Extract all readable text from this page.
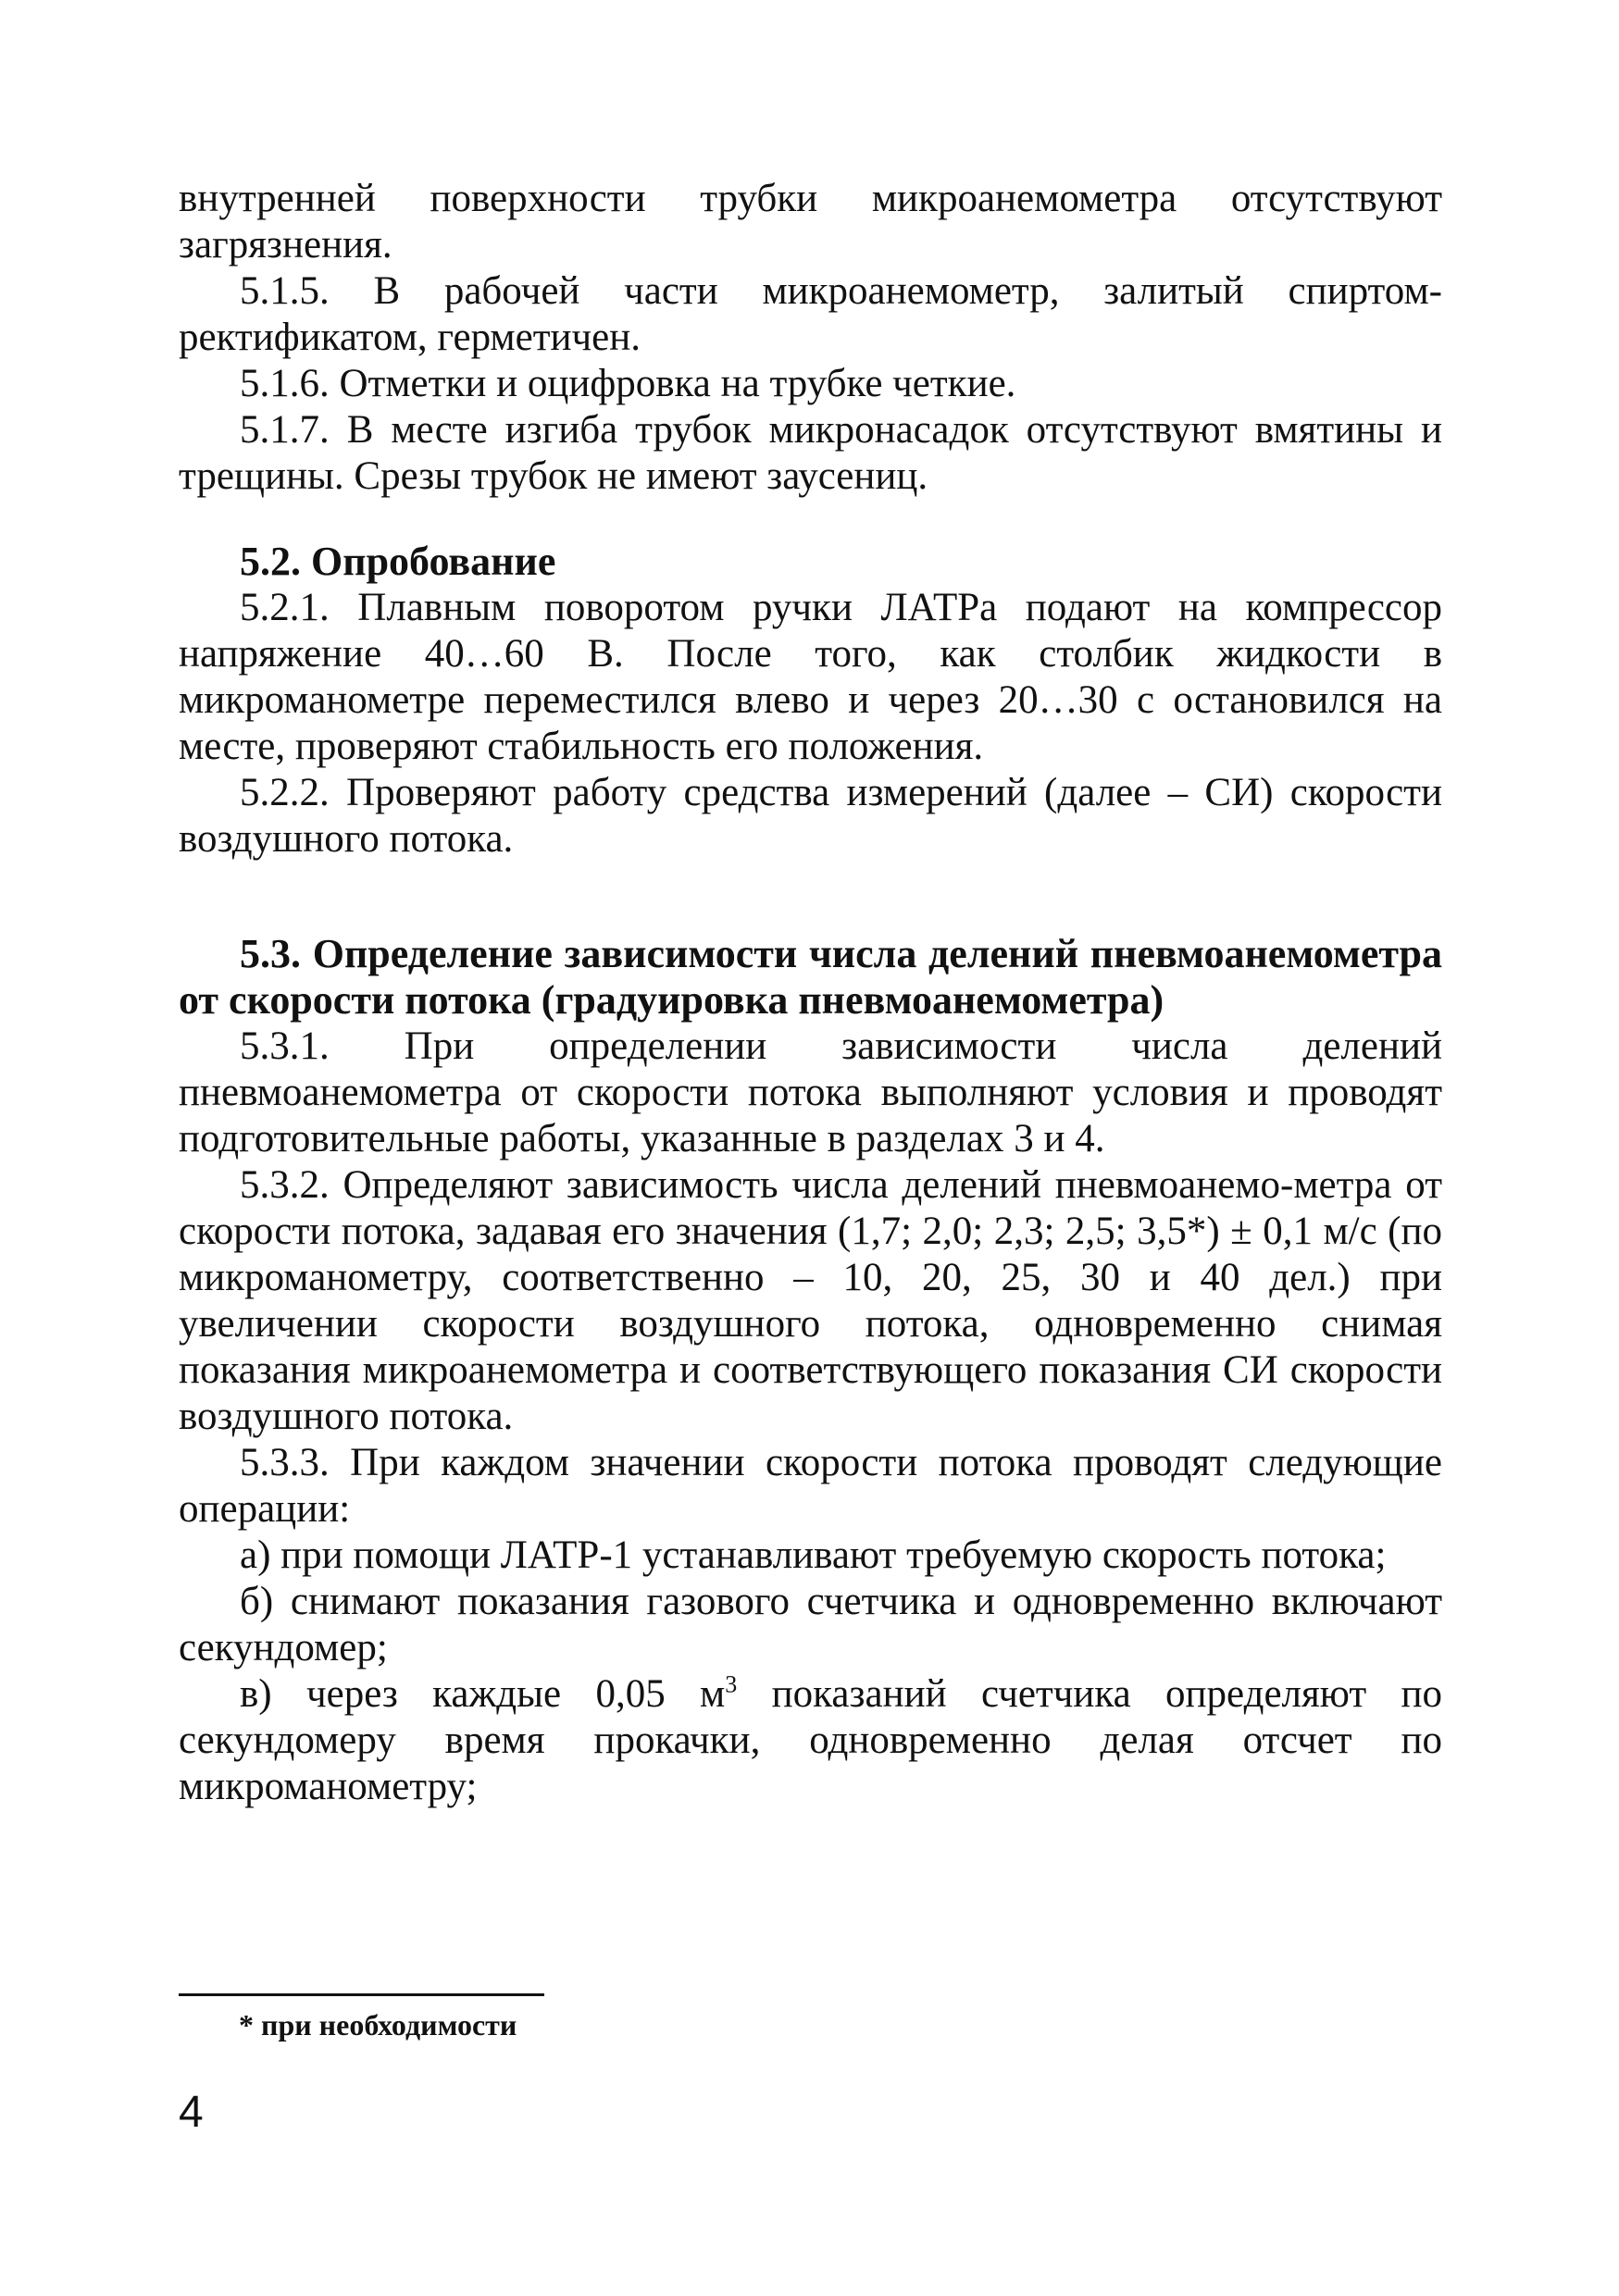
внутренней поверхности трубки микроанемометра отсутствуют загрязнения.

5.1.5. В рабочей части микроанемометр, залитый спиртом-ректификатом, герметичен.

5.1.6. Отметки и оцифровка на трубке четкие.

5.1.7. В месте изгиба трубок микронасадок отсутствуют вмятины и трещины. Срезы трубок не имеют заусениц.

5.2. Опробование

5.2.1. Плавным поворотом ручки ЛАТРа подают на компрессор напряжение 40…60 В. После того, как столбик жидкости в микроманометре переместился влево и через 20…30 с остановился на месте, проверяют стабильность его положения.

5.2.2. Проверяют работу средства измерений (далее – СИ) скорости воздушного потока.

5.3. Определение зависимости числа делений пневмоанемометра от скорости потока (градуировка пневмоанемометра)

5.3.1. При определении зависимости числа делений пневмоанемометра от скорости потока выполняют условия и проводят подготовительные работы, указанные в разделах 3 и 4.

5.3.2. Определяют зависимость числа делений пневмоанемо-метра от скорости потока, задавая его значения (1,7; 2,0; 2,3; 2,5; 3,5*) ± 0,1 м/с (по микроманометру, соответственно – 10, 20, 25, 30 и 40 дел.) при увеличении скорости воздушного потока, одновременно снимая показания микроанемометра и соответствующего показания СИ скорости воздушного потока.

5.3.3. При каждом значении скорости потока проводят следующие операции:

а) при помощи ЛАТР-1 устанавливают требуемую скорость потока;

б) снимают показания газового счетчика и одновременно включают секундомер;

в) через каждые 0,05 $м^3$ показаний счетчика определяют по секундомеру время прокачки, одновременно делая отсчет по микроманометру;

* при необходимости
4
